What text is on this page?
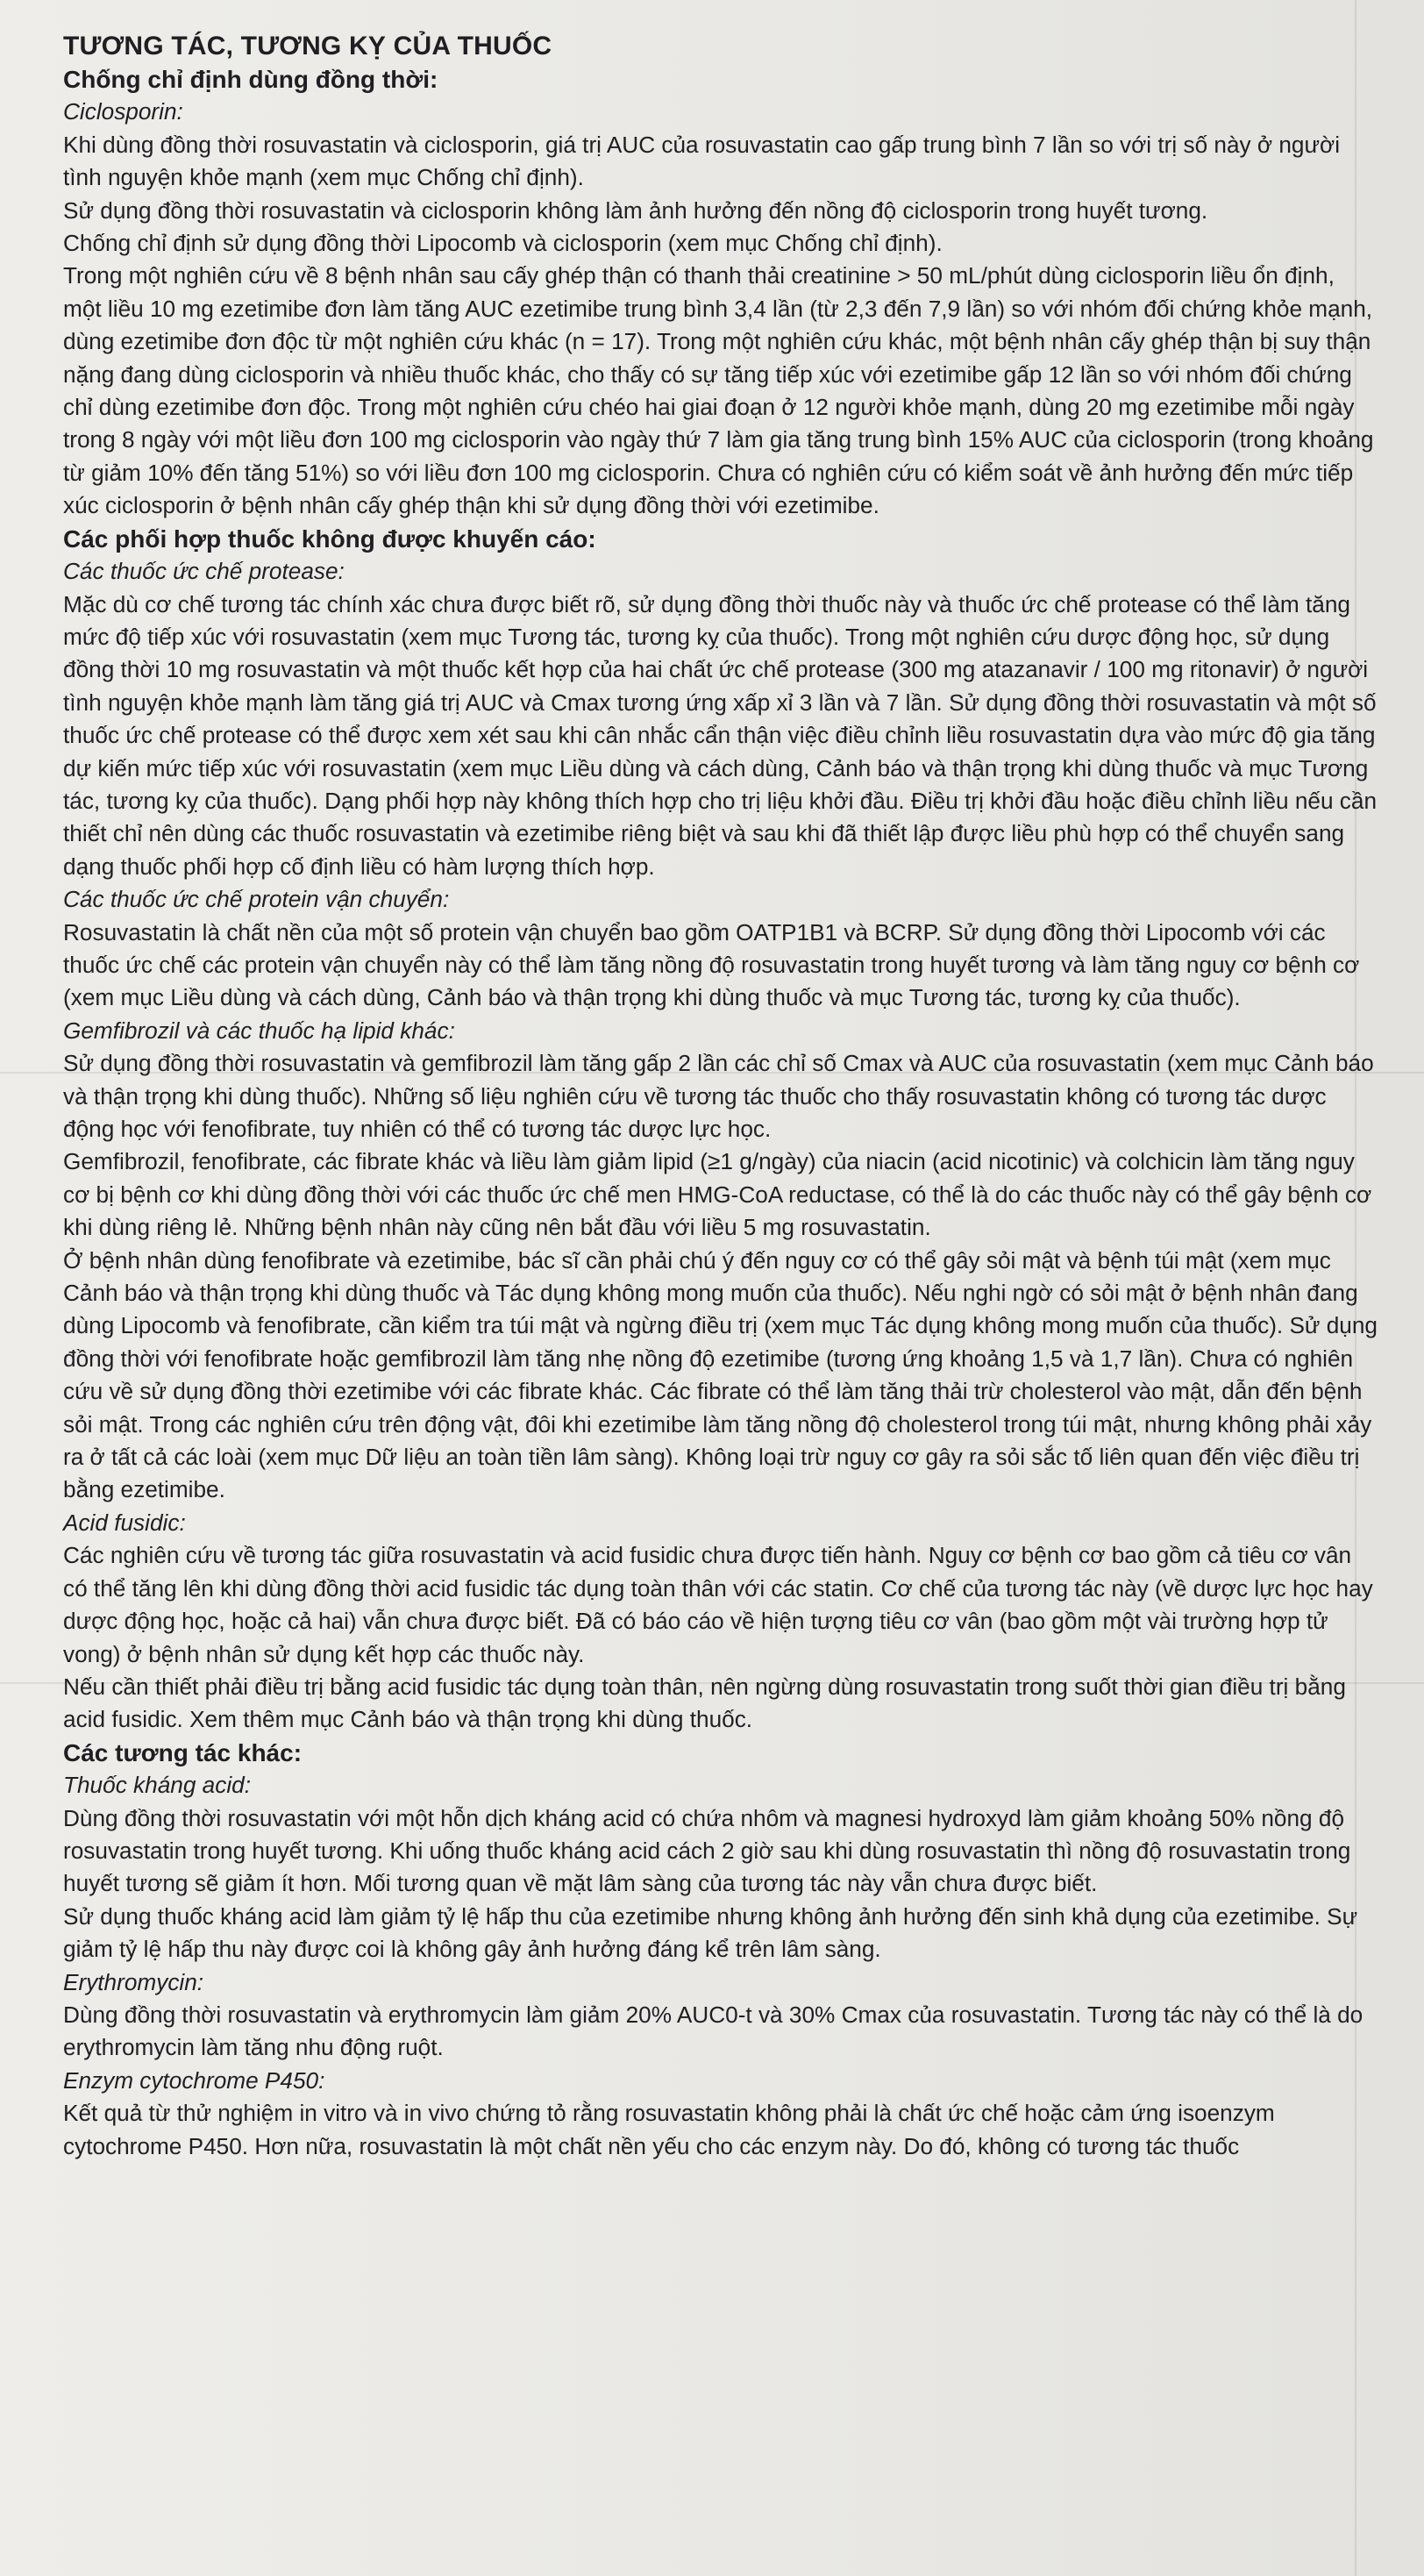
TƯƠNG TÁC, TƯƠNG KỴ CỦA THUỐC
Chống chỉ định dùng đồng thời:
Ciclosporin:

Khi dùng đồng thời rosuvastatin và ciclosporin, giá trị AUC của rosuvastatin cao gấp trung bình 7 lần so với trị số này ở người tình nguyện khỏe mạnh (xem mục Chống chỉ định).

Sử dụng đồng thời rosuvastatin và ciclosporin không làm ảnh hưởng đến nồng độ ciclosporin trong huyết tương.

Chống chỉ định sử dụng đồng thời Lipocomb và ciclosporin (xem mục Chống chỉ định).

Trong một nghiên cứu về 8 bệnh nhân sau cấy ghép thận có thanh thải creatinine > 50 mL/phút dùng ciclosporin liều ổn định, một liều 10 mg ezetimibe đơn làm tăng AUC ezetimibe trung bình 3,4 lần (từ 2,3 đến 7,9 lần) so với nhóm đối chứng khỏe mạnh, dùng ezetimibe đơn độc từ một nghiên cứu khác (n = 17). Trong một nghiên cứu khác, một bệnh nhân cấy ghép thận bị suy thận nặng đang dùng ciclosporin và nhiều thuốc khác, cho thấy có sự tăng tiếp xúc với ezetimibe gấp 12 lần so với nhóm đối chứng chỉ dùng ezetimibe đơn độc. Trong một nghiên cứu chéo hai giai đoạn ở 12 người khỏe mạnh, dùng 20 mg ezetimibe mỗi ngày trong 8 ngày với một liều đơn 100 mg ciclosporin vào ngày thứ 7 làm gia tăng trung bình 15% AUC của ciclosporin (trong khoảng từ giảm 10% đến tăng 51%) so với liều đơn 100 mg ciclosporin. Chưa có nghiên cứu có kiểm soát về ảnh hưởng đến mức tiếp xúc ciclosporin ở bệnh nhân cấy ghép thận khi sử dụng đồng thời với ezetimibe.

Các phối hợp thuốc không được khuyến cáo:
Các thuốc ức chế protease:

Mặc dù cơ chế tương tác chính xác chưa được biết rõ, sử dụng đồng thời thuốc này và thuốc ức chế protease có thể làm tăng mức độ tiếp xúc với rosuvastatin (xem mục Tương tác, tương kỵ của thuốc). Trong một nghiên cứu dược động học, sử dụng đồng thời 10 mg rosuvastatin và một thuốc kết hợp của hai chất ức chế protease (300 mg atazanavir / 100 mg ritonavir) ở người tình nguyện khỏe mạnh làm tăng giá trị AUC và Cmax tương ứng xấp xỉ 3 lần và 7 lần. Sử dụng đồng thời rosuvastatin và một số thuốc ức chế protease có thể được xem xét sau khi cân nhắc cẩn thận việc điều chỉnh liều rosuvastatin dựa vào mức độ gia tăng dự kiến mức tiếp xúc với rosuvastatin (xem mục Liều dùng và cách dùng, Cảnh báo và thận trọng khi dùng thuốc và mục Tương tác, tương kỵ của thuốc). Dạng phối hợp này không thích hợp cho trị liệu khởi đầu. Điều trị khởi đầu hoặc điều chỉnh liều nếu cần thiết chỉ nên dùng các thuốc rosuvastatin và ezetimibe riêng biệt và sau khi đã thiết lập được liều phù hợp có thể chuyển sang dạng thuốc phối hợp cố định liều có hàm lượng thích hợp.

Các thuốc ức chế protein vận chuyển:

Rosuvastatin là chất nền của một số protein vận chuyển bao gồm OATP1B1 và BCRP. Sử dụng đồng thời Lipocomb với các thuốc ức chế các protein vận chuyển này có thể làm tăng nồng độ rosuvastatin trong huyết tương và làm tăng nguy cơ bệnh cơ (xem mục Liều dùng và cách dùng, Cảnh báo và thận trọng khi dùng thuốc và mục Tương tác, tương kỵ của thuốc).

Gemfibrozil và các thuốc hạ lipid khác:

Sử dụng đồng thời rosuvastatin và gemfibrozil làm tăng gấp 2 lần các chỉ số Cmax và AUC của rosuvastatin (xem mục Cảnh báo và thận trọng khi dùng thuốc). Những số liệu nghiên cứu về tương tác thuốc cho thấy rosuvastatin không có tương tác dược động học với fenofibrate, tuy nhiên có thể có tương tác dược lực học.

Gemfibrozil, fenofibrate, các fibrate khác và liều làm giảm lipid (≥1 g/ngày) của niacin (acid nicotinic) và colchicin làm tăng nguy cơ bị bệnh cơ khi dùng đồng thời với các thuốc ức chế men HMG-CoA reductase, có thể là do các thuốc này có thể gây bệnh cơ khi dùng riêng lẻ. Những bệnh nhân này cũng nên bắt đầu với liều 5 mg rosuvastatin.

Ở bệnh nhân dùng fenofibrate và ezetimibe, bác sĩ cần phải chú ý đến nguy cơ có thể gây sỏi mật và bệnh túi mật (xem mục Cảnh báo và thận trọng khi dùng thuốc và Tác dụng không mong muốn của thuốc). Nếu nghi ngờ có sỏi mật ở bệnh nhân đang dùng Lipocomb và fenofibrate, cần kiểm tra túi mật và ngừng điều trị (xem mục Tác dụng không mong muốn của thuốc). Sử dụng đồng thời với fenofibrate hoặc gemfibrozil làm tăng nhẹ nồng độ ezetimibe (tương ứng khoảng 1,5 và 1,7 lần). Chưa có nghiên cứu về sử dụng đồng thời ezetimibe với các fibrate khác. Các fibrate có thể làm tăng thải trừ cholesterol vào mật, dẫn đến bệnh sỏi mật. Trong các nghiên cứu trên động vật, đôi khi ezetimibe làm tăng nồng độ cholesterol trong túi mật, nhưng không phải xảy ra ở tất cả các loài (xem mục Dữ liệu an toàn tiền lâm sàng). Không loại trừ nguy cơ gây ra sỏi sắc tố liên quan đến việc điều trị bằng ezetimibe.

Acid fusidic:

Các nghiên cứu về tương tác giữa rosuvastatin và acid fusidic chưa được tiến hành. Nguy cơ bệnh cơ bao gồm cả tiêu cơ vân có thể tăng lên khi dùng đồng thời acid fusidic tác dụng toàn thân với các statin. Cơ chế của tương tác này (về dược lực học hay dược động học, hoặc cả hai) vẫn chưa được biết. Đã có báo cáo về hiện tượng tiêu cơ vân (bao gồm một vài trường hợp tử vong) ở bệnh nhân sử dụng kết hợp các thuốc này.

Nếu cần thiết phải điều trị bằng acid fusidic tác dụng toàn thân, nên ngừng dùng rosuvastatin trong suốt thời gian điều trị bằng acid fusidic. Xem thêm mục Cảnh báo và thận trọng khi dùng thuốc.

Các tương tác khác:
Thuốc kháng acid:

Dùng đồng thời rosuvastatin với một hỗn dịch kháng acid có chứa nhôm và magnesi hydroxyd làm giảm khoảng 50% nồng độ rosuvastatin trong huyết tương. Khi uống thuốc kháng acid cách 2 giờ sau khi dùng rosuvastatin thì nồng độ rosuvastatin trong huyết tương sẽ giảm ít hơn. Mối tương quan về mặt lâm sàng của tương tác này vẫn chưa được biết.

Sử dụng thuốc kháng acid làm giảm tỷ lệ hấp thu của ezetimibe nhưng không ảnh hưởng đến sinh khả dụng của ezetimibe. Sự giảm tỷ lệ hấp thu này được coi là không gây ảnh hưởng đáng kể trên lâm sàng.

Erythromycin:

Dùng đồng thời rosuvastatin và erythromycin làm giảm 20% AUC0-t và 30% Cmax của rosuvastatin. Tương tác này có thể là do erythromycin làm tăng nhu động ruột.

Enzym cytochrome P450:

Kết quả từ thử nghiệm in vitro và in vivo chứng tỏ rằng rosuvastatin không phải là chất ức chế hoặc cảm ứng isoenzym cytochrome P450. Hơn nữa, rosuvastatin là một chất nền yếu cho các enzym này. Do đó, không có tương tác thuốc
